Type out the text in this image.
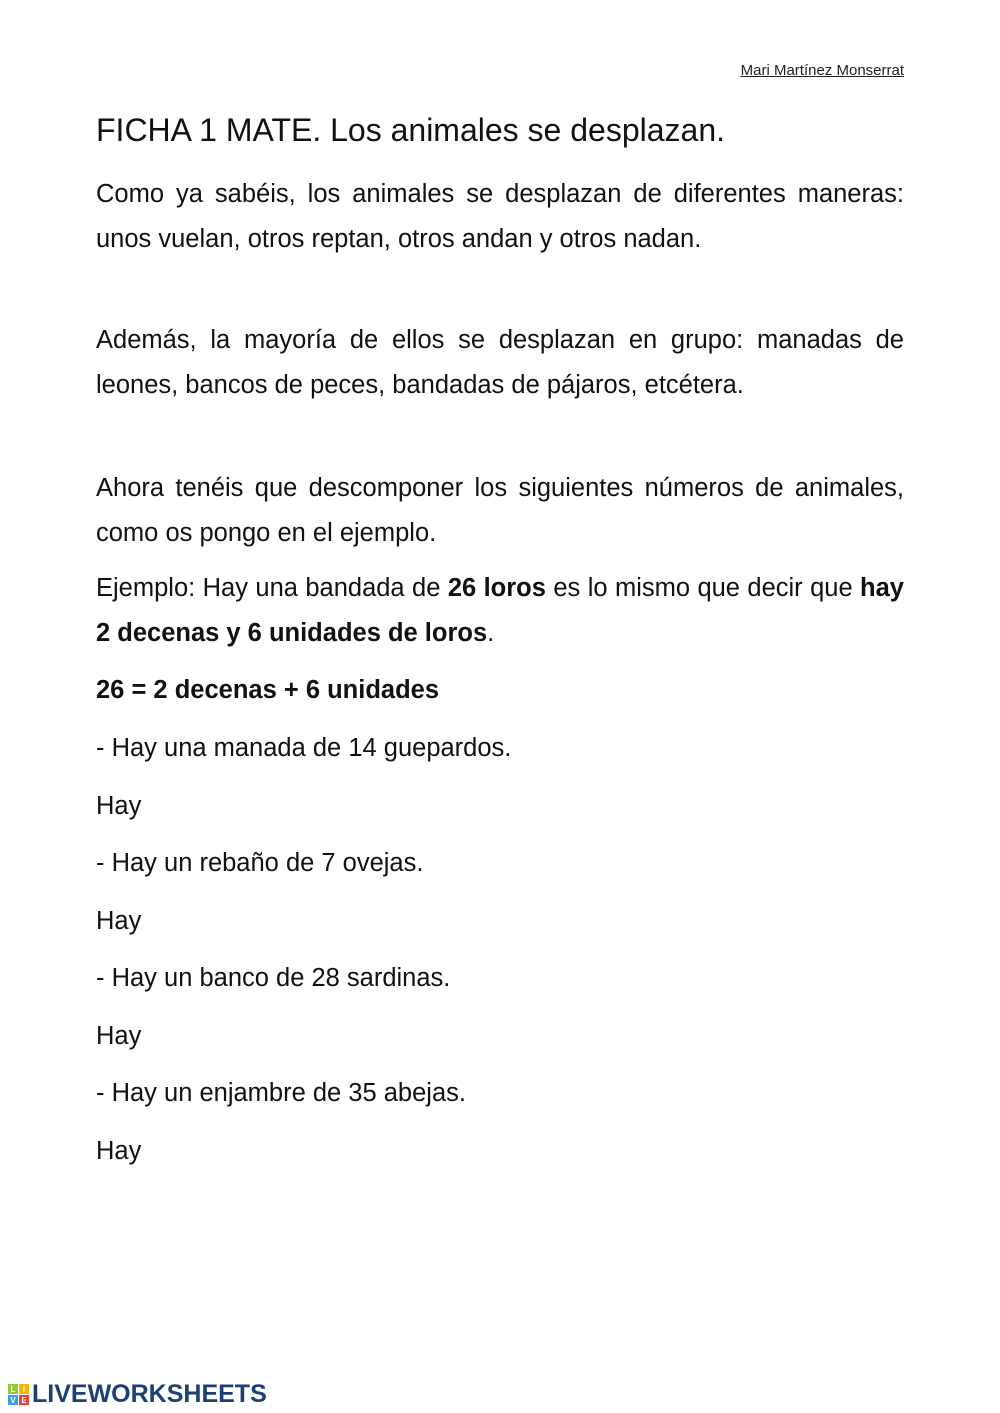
Mari Martínez Monserrat
FICHA 1 MATE. Los animales se desplazan.
Como ya sabéis, los animales se desplazan de diferentes maneras: unos vuelan, otros reptan, otros andan y otros nadan.
Además, la mayoría de ellos se desplazan en grupo: manadas de leones, bancos de peces, bandadas de pájaros, etcétera.
Ahora tenéis que descomponer los siguientes números de animales, como os pongo en el ejemplo.
Ejemplo: Hay una bandada de 26 loros es lo mismo que decir que hay 2 decenas y 6 unidades de loros.
26 = 2 decenas + 6 unidades
- Hay una manada de 14 guepardos.
Hay
- Hay un rebaño de 7 ovejas.
Hay
- Hay un banco de 28 sardinas.
Hay
- Hay un enjambre de 35 abejas.
Hay
L I
V E LIVEWORKSHEETS
